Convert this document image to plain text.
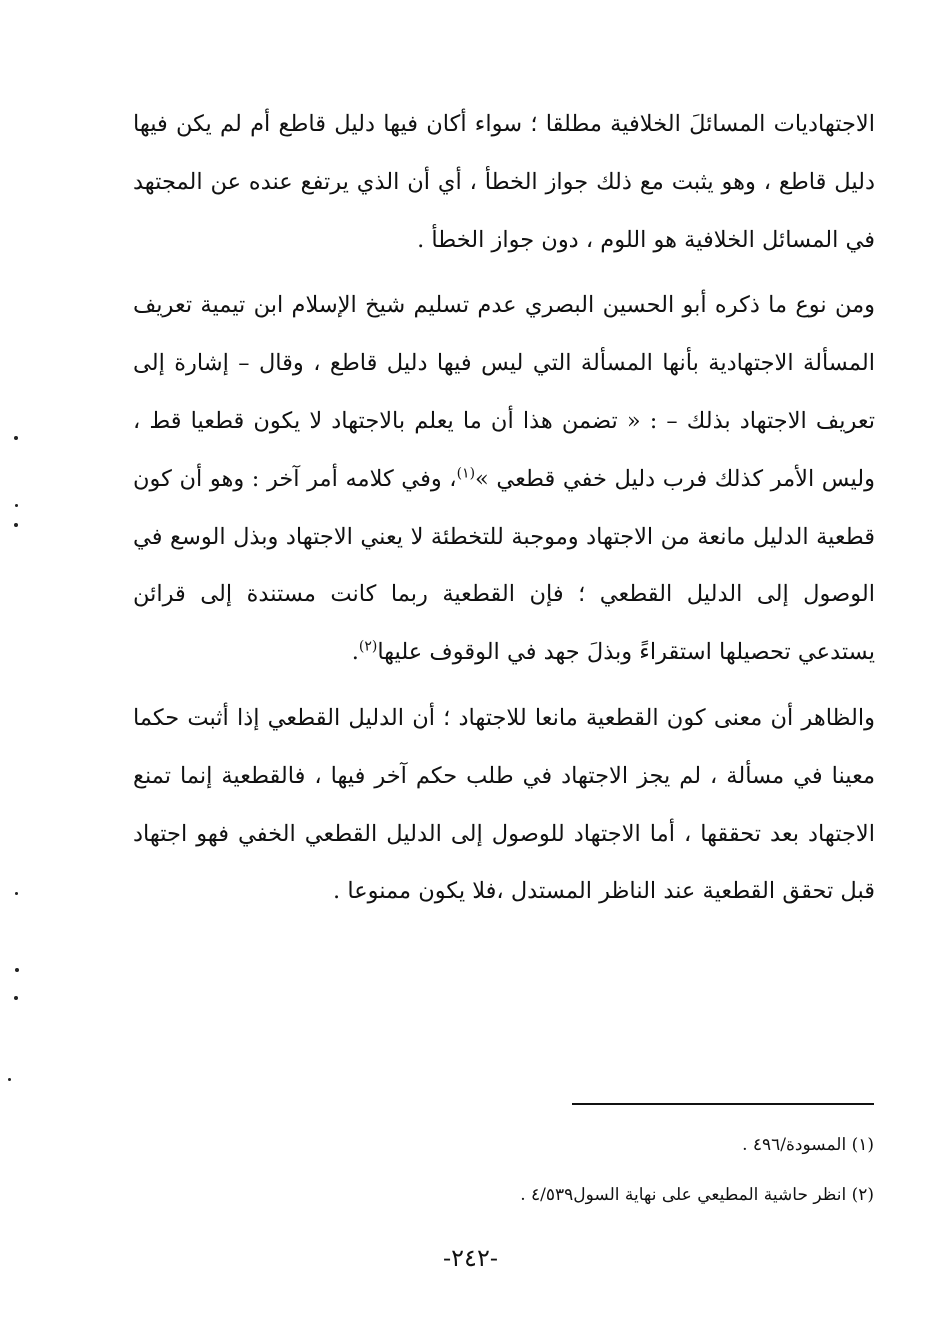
الاجتهاديات المسائلَ الخلافية مطلقا ؛ سواء أكان فيها دليل قاطع أم لم يكن فيها دليل قاطع ، وهو يثبت مع ذلك جواز الخطأ ، أي أن الذي يرتفع عنده عن المجتهد في المسائل الخلافية هو اللوم ، دون جواز الخطأ .

ومن نوع ما ذكره أبو الحسين البصري عدم تسليم شيخ الإسلام ابن تيمية تعريف المسألة الاجتهادية بأنها المسألة التي ليس فيها دليل قاطع ، وقال – إشارة إلى تعريف الاجتهاد بذلك – : « تضمن هذا أن ما يعلم بالاجتهاد لا يكون قطعيا قط ، وليس الأمر كذلك فرب دليل خفي قطعي »$^{(١)}$، وفي كلامه أمر آخر : وهو أن كون قطعية الدليل مانعة من الاجتهاد وموجبة للتخطئة لا يعني الاجتهاد وبذل الوسع في الوصول إلى الدليل القطعي ؛ فإن القطعية ربما كانت مستندة إلى قرائن يستدعي تحصيلها استقراءً وبذلَ جهد في الوقوف عليها$^{(٢)}$.

والظاهر أن معنى كون القطعية مانعا للاجتهاد ؛ أن الدليل القطعي إذا أثبت حكما معينا في مسألة ، لم يجز الاجتهاد في طلب حكم آخر فيها ، فالقطعية إنما تمنع الاجتهاد بعد تحققها ، أما الاجتهاد للوصول إلى الدليل القطعي الخفي فهو اجتهاد قبل تحقق القطعية عند الناظر المستدل ،فلا يكون ممنوعا .

(١) المسودة/٤٩٦ .

(٢) انظر حاشية المطيعي على نهاية السول٤/٥٣٩ .

-٢٤٢-
